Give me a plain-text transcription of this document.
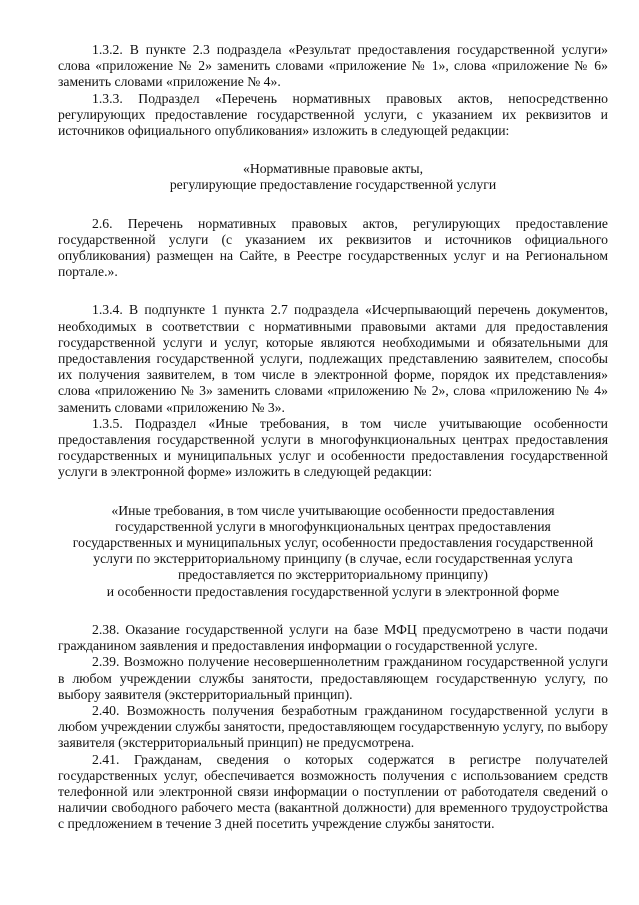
1.3.2. В пункте 2.3 подраздела «Результат предоставления государственной услуги» слова «приложение № 2» заменить словами «приложение № 1», слова «приложение № 6» заменить словами «приложение № 4».

1.3.3. Подраздел «Перечень нормативных правовых актов, непосредственно регулирующих предоставление государственной услуги, с указанием их реквизитов и источников официального опубликования» изложить в следующей редакции:

«Нормативные правовые акты,
регулирующие предоставление государственной услуги

2.6. Перечень нормативных правовых актов, регулирующих предоставление государственной услуги (с указанием их реквизитов и источников официального опубликования) размещен на Сайте, в Реестре государственных услуг и на Региональном портале.».

1.3.4. В подпункте 1 пункта 2.7 подраздела «Исчерпывающий перечень документов, необходимых в соответствии с нормативными правовыми актами для предоставления государственной услуги и услуг, которые являются необходимыми и обязательными для предоставления государственной услуги, подлежащих представлению заявителем, способы их получения заявителем, в том числе в электронной форме, порядок их представления» слова «приложению № 3» заменить словами «приложению № 2», слова «приложению № 4» заменить словами «приложению № 3».

1.3.5. Подраздел «Иные требования, в том числе учитывающие особенности предоставления государственной услуги в многофункциональных центрах предоставления государственных и муниципальных услуг и особенности предоставления государственной услуги в электронной форме» изложить в следующей редакции:

«Иные требования, в том числе учитывающие особенности предоставления
государственной услуги в многофункциональных центрах предоставления
государственных и муниципальных услуг, особенности предоставления государственной
услуги по экстерриториальному принципу (в случае, если государственная услуга
предоставляется по экстерриториальному принципу)
и особенности предоставления государственной услуги в электронной форме

2.38. Оказание государственной услуги на базе МФЦ предусмотрено в части подачи гражданином заявления и предоставления информации о государственной услуге.

2.39. Возможно получение несовершеннолетним гражданином государственной услуги в любом учреждении службы занятости, предоставляющем государственную услугу, по выбору заявителя (экстерриториальный принцип).

2.40. Возможность получения безработным гражданином государственной услуги в любом учреждении службы занятости, предоставляющем государственную услугу, по выбору заявителя (экстерриториальный принцип) не предусмотрена.

2.41. Гражданам, сведения о которых содержатся в регистре получателей государственных услуг, обеспечивается возможность получения с использованием средств телефонной или электронной связи информации о поступлении от работодателя сведений о наличии свободного рабочего места (вакантной должности) для временного трудоустройства с предложением в течение 3 дней посетить учреждение службы занятости.
